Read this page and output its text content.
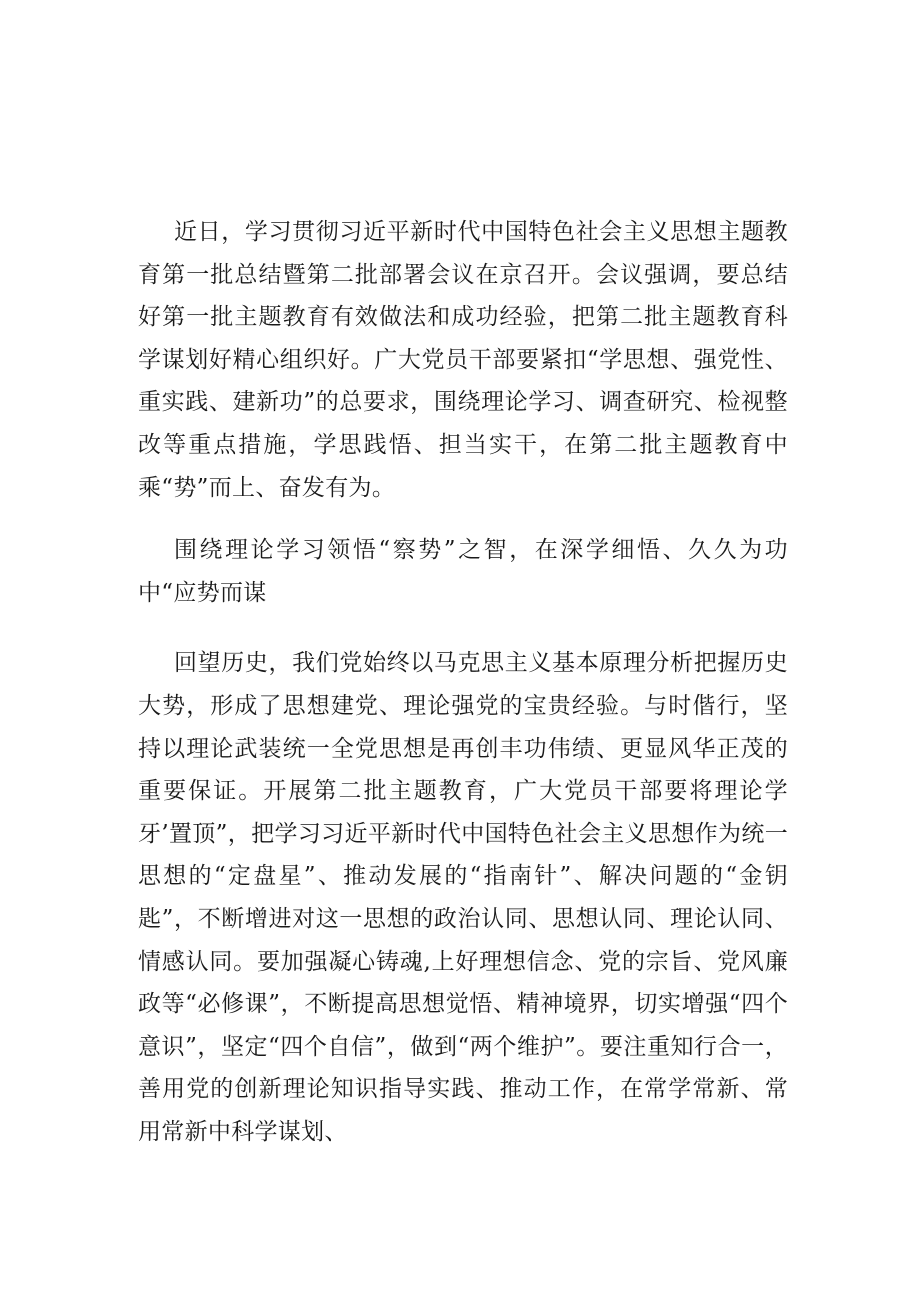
近日，学习贯彻习近平新时代中国特色社会主义思想主题教育第一批总结暨第二批部署会议在京召开。会议强调，要总结好第一批主题教育有效做法和成功经验，把第二批主题教育科学谋划好精心组织好。广大党员干部要紧扣“学思想、强党性、重实践、建新功”的总要求，围绕理论学习、调查研究、检视整改等重点措施，学思践悟、担当实干，在第二批主题教育中乘“势”而上、奋发有为。

围绕理论学习领悟“察势”之智，在深学细悟、久久为功中“应势而谋

回望历史，我们党始终以马克思主义基本原理分析把握历史大势，形成了思想建党、理论强党的宝贵经验。与时偕行，坚持以理论武装统一全党思想是再创丰功伟绩、更显风华正茂的重要保证。开展第二批主题教育，广大党员干部要将理论学牙’置顶”，把学习习近平新时代中国特色社会主义思想作为统一思想的“定盘星”、推动发展的“指南针”、解决问题的“金钥匙”，不断增进对这一思想的政治认同、思想认同、理论认同、情感认同。要加强凝心铸魂,上好理想信念、党的宗旨、党风廉政等“必修课”，不断提高思想觉悟、精神境界，切实增强“四个意识”，坚定“四个自信”，做到“两个维护”。要注重知行合一，善用党的创新理论知识指导实践、推动工作，在常学常新、常用常新中科学谋划、
